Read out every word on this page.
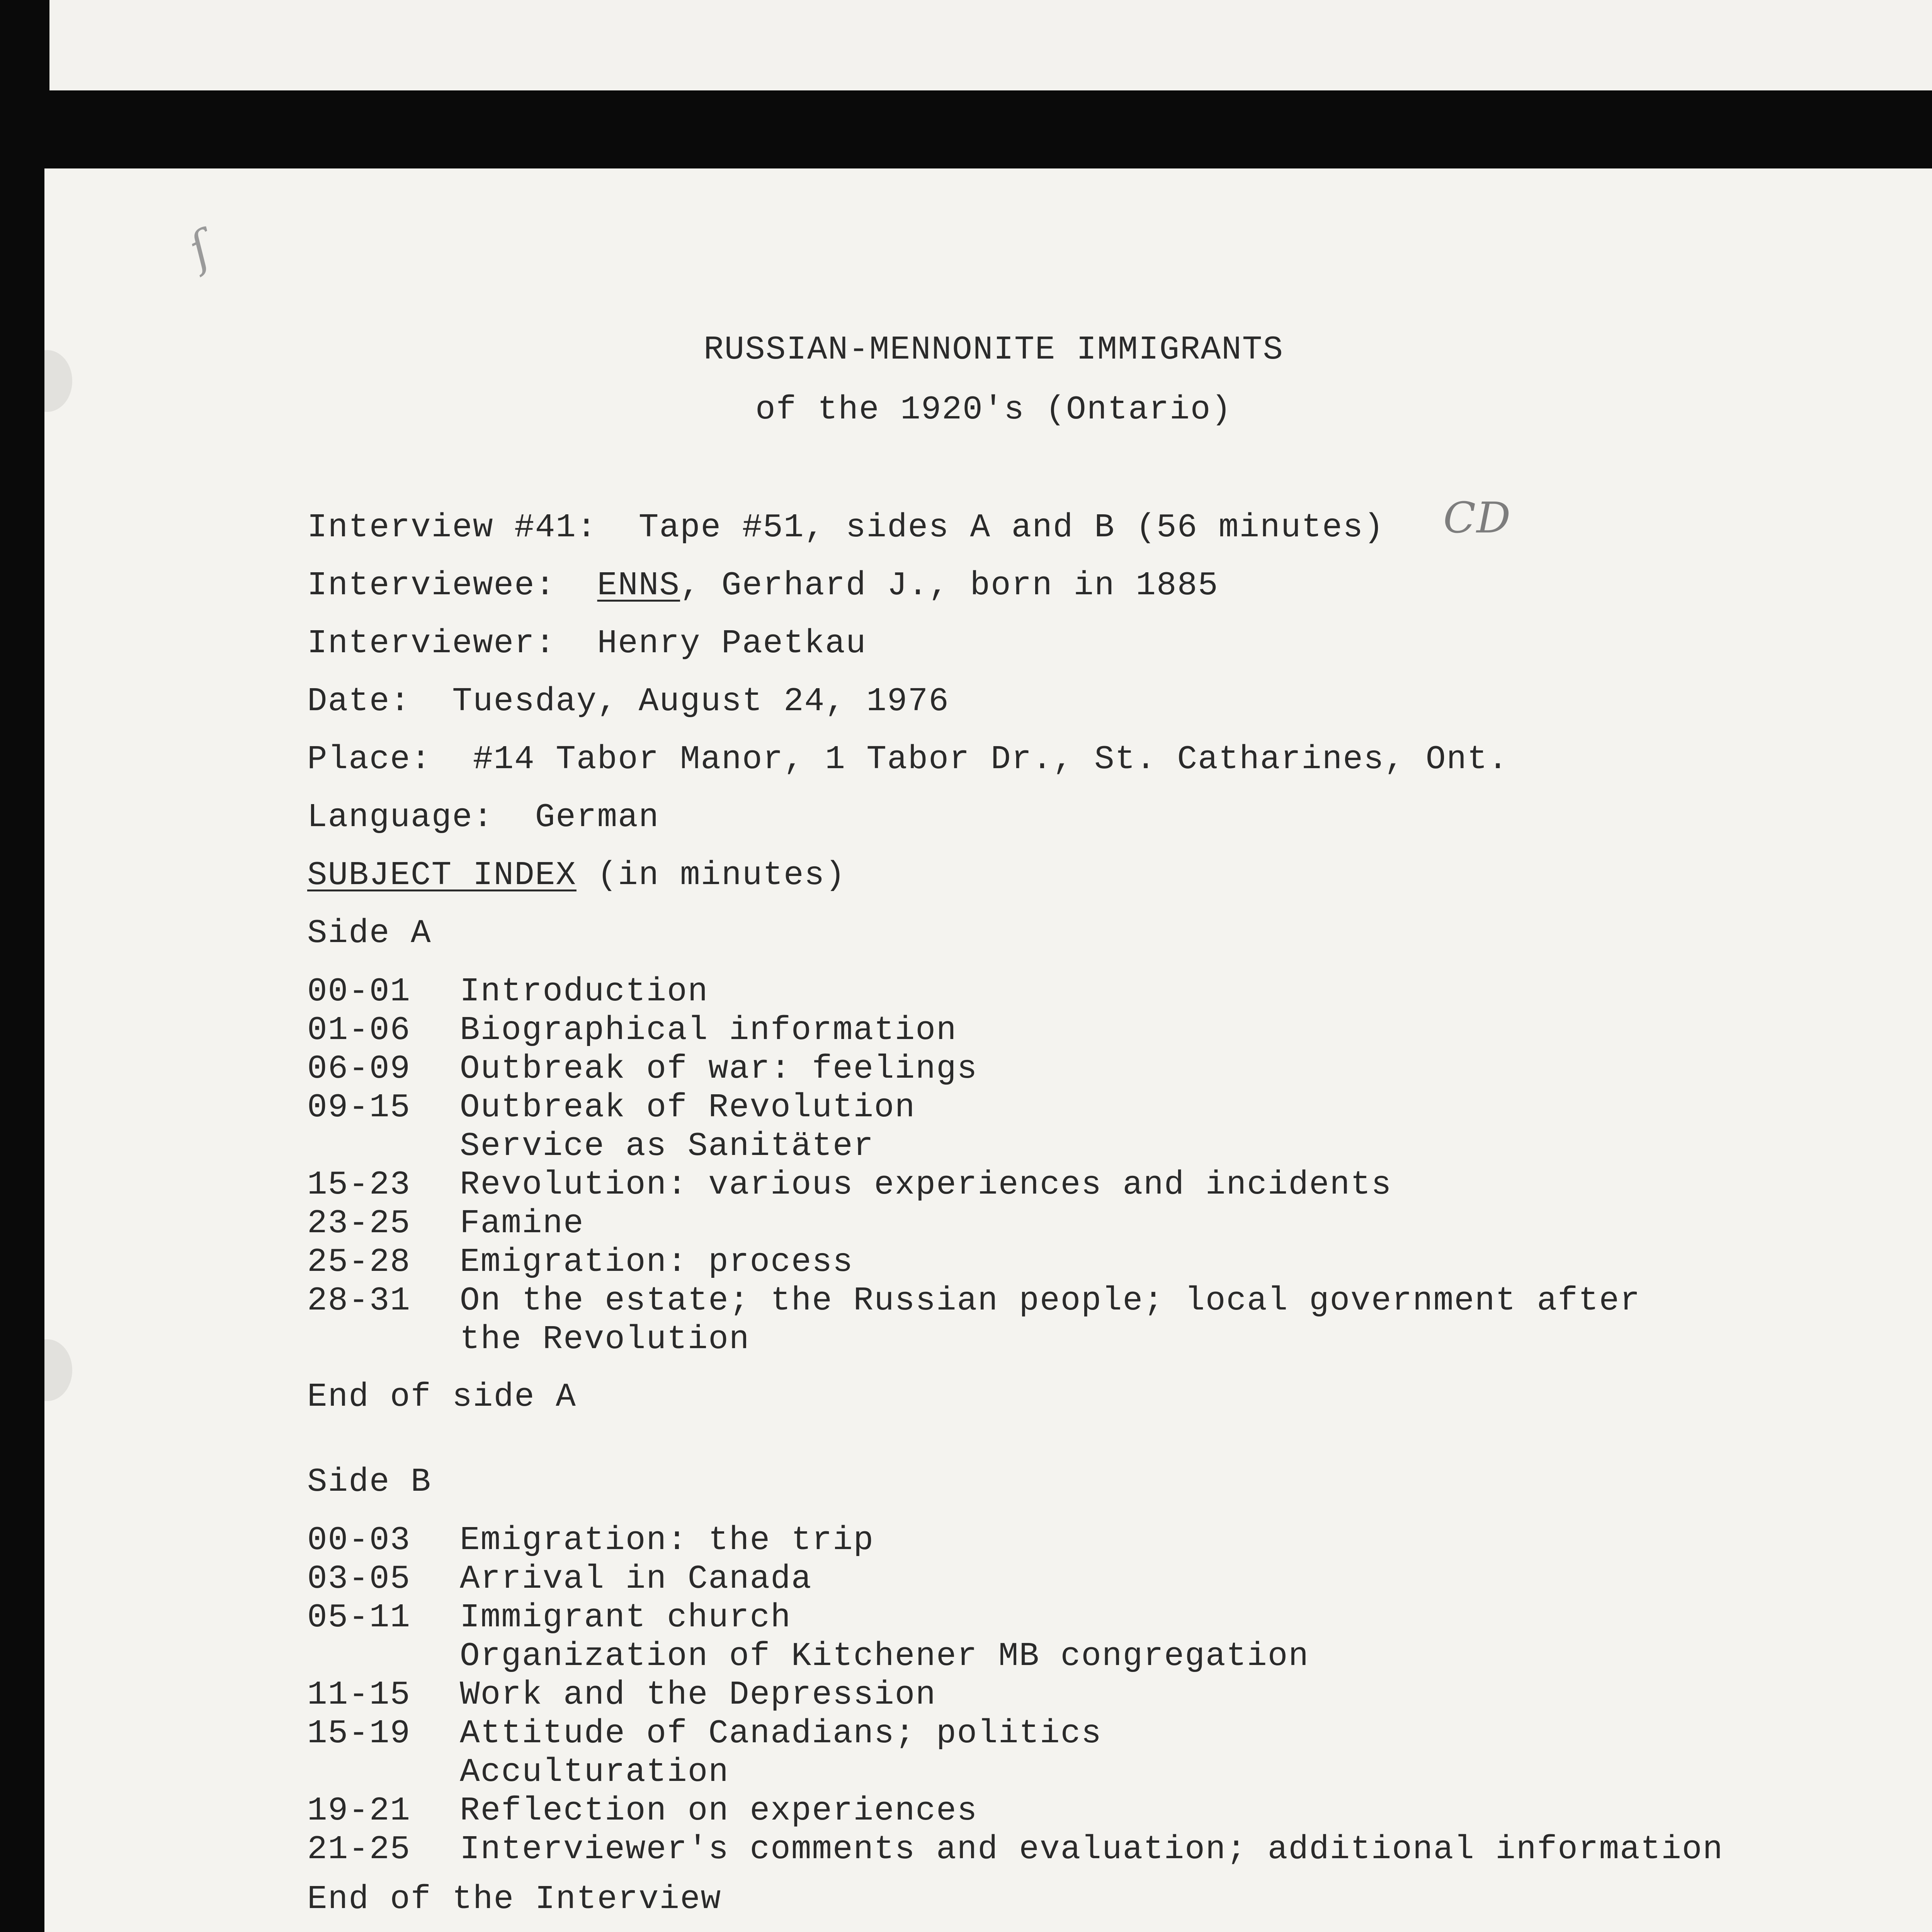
ſ
RUSSIAN-MENNONITE IMMIGRANTS
of the 1920's (Ontario)
Interview #41:  Tape #51, sides A and B (56 minutes) CD
Interviewee:  ENNS, Gerhard J., born in 1885
Interviewer:  Henry Paetkau
Date:  Tuesday, August 24, 1976
Place:  #14 Tabor Manor, 1 Tabor Dr., St. Catharines, Ont.
Language:  German
SUBJECT INDEX (in minutes)
Side A
00-01	Introduction
01-06	Biographical information
06-09	Outbreak of war: feelings
09-15	Outbreak of Revolution
Service as Sanitäter
15-23	Revolution: various experiences and incidents
23-25	Famine
25-28	Emigration: process
28-31	On the estate; the Russian people; local government after
the Revolution
End of side A
Side B
00-03	Emigration: the trip
03-05	Arrival in Canada
05-11	Immigrant church
Organization of Kitchener MB congregation
11-15	Work and the Depression
15-19	Attitude of Canadians; politics
Acculturation
19-21	Reflection on experiences
21-25	Interviewer's comments and evaluation; additional information
End of the Interview
